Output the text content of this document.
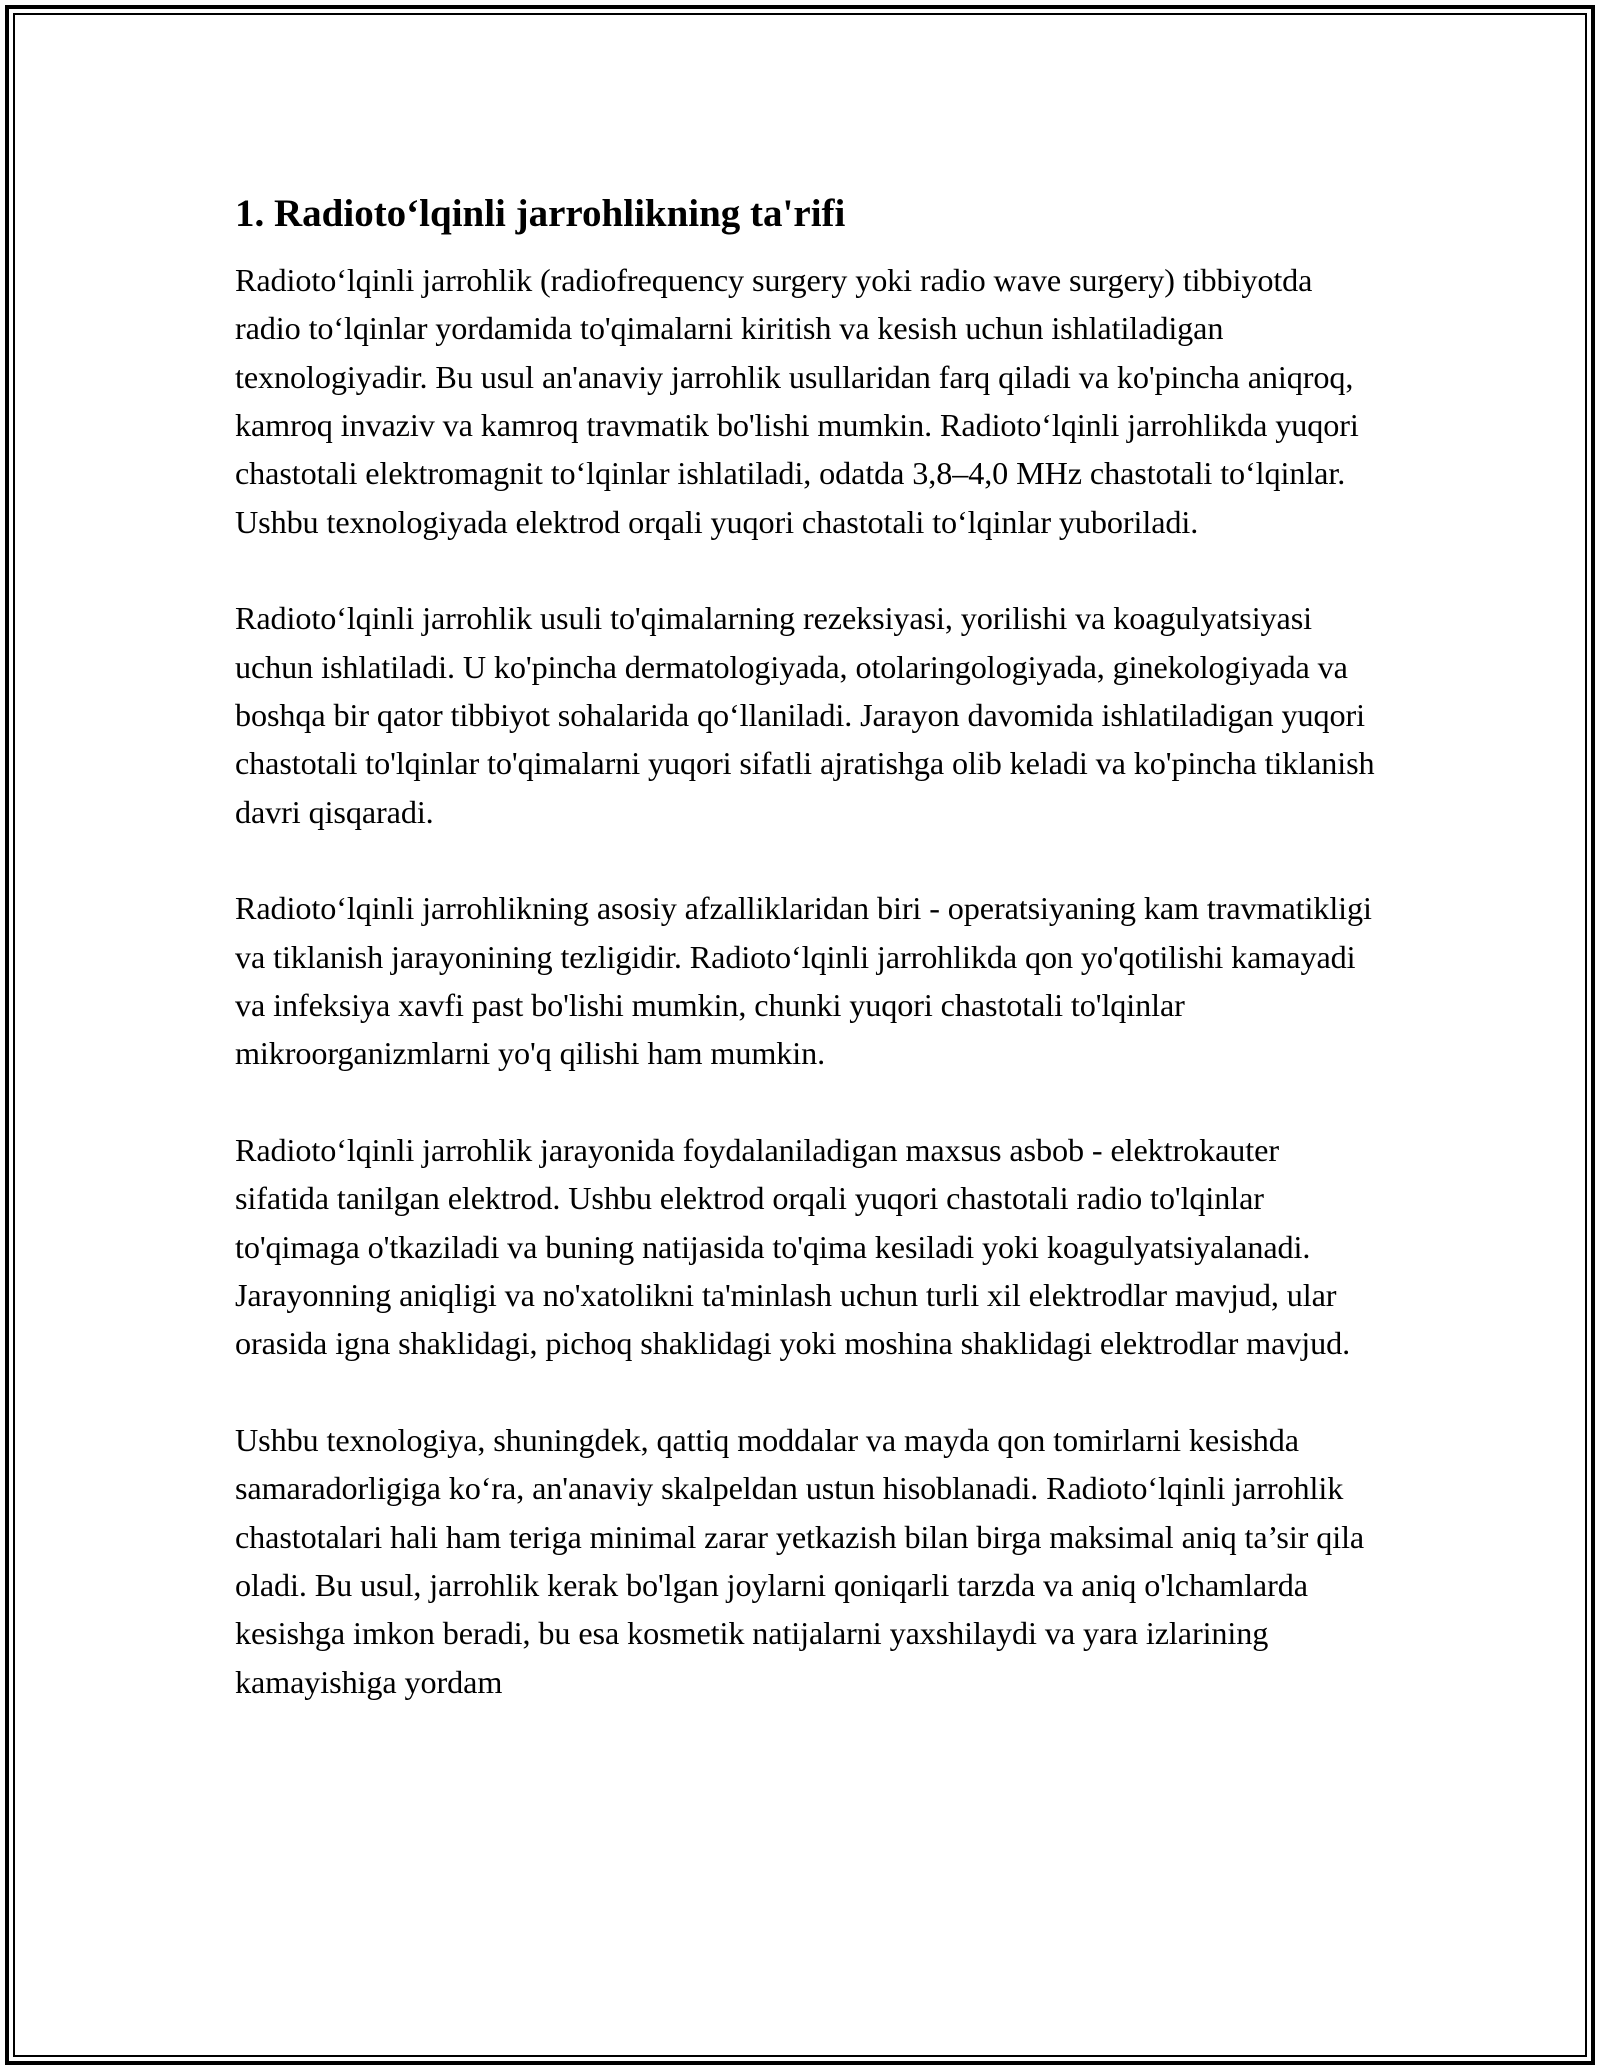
1. Radioto‘lqinli jarrohlikning ta'rifi

Radioto‘lqinli jarrohlik (radiofrequency surgery yoki radio wave surgery) tibbiyotda radio to‘lqinlar yordamida to'qimalarni kiritish va kesish uchun ishlatiladigan texnologiyadir. Bu usul an'anaviy jarrohlik usullaridan farq qiladi va ko'pincha aniqroq, kamroq invaziv va kamroq travmatik bo'lishi mumkin. Radioto‘lqinli jarrohlikda yuqori chastotali elektromagnit to‘lqinlar ishlatiladi, odatda 3,8–4,0 MHz chastotali to‘lqinlar. Ushbu texnologiyada elektrod orqali yuqori chastotali to‘lqinlar yuboriladi.

Radioto‘lqinli jarrohlik usuli to'qimalarning rezeksiyasi, yorilishi va koagulyatsiyasi uchun ishlatiladi. U ko'pincha dermatologiyada, otolaringologiyada, ginekologiyada va boshqa bir qator tibbiyot sohalarida qo‘llaniladi. Jarayon davomida ishlatiladigan yuqori chastotali to'lqinlar to'qimalarni yuqori sifatli ajratishga olib keladi va ko'pincha tiklanish davri qisqaradi.

Radioto‘lqinli jarrohlikning asosiy afzalliklaridan biri - operatsiyaning kam travmatikligi va tiklanish jarayonining tezligidir. Radioto‘lqinli jarrohlikda qon yo'qotilishi kamayadi va infeksiya xavfi past bo'lishi mumkin, chunki yuqori chastotali to'lqinlar mikroorganizmlarni yo'q qilishi ham mumkin.

Radioto‘lqinli jarrohlik jarayonida foydalaniladigan maxsus asbob - elektrokauter sifatida tanilgan elektrod. Ushbu elektrod orqali yuqori chastotali radio to'lqinlar to'qimaga o'tkaziladi va buning natijasida to'qima kesiladi yoki koagulyatsiyalanadi. Jarayonning aniqligi va no'xatolikni ta'minlash uchun turli xil elektrodlar mavjud, ular orasida igna shaklidagi, pichoq shaklidagi yoki moshina shaklidagi elektrodlar mavjud.

Ushbu texnologiya, shuningdek, qattiq moddalar va mayda qon tomirlarni kesishda samaradorligiga ko‘ra, an'anaviy skalpeldan ustun hisoblanadi. Radioto‘lqinli jarrohlik chastotalari hali ham teriga minimal zarar yetkazish bilan birga maksimal aniq ta’sir qila oladi. Bu usul, jarrohlik kerak bo'lgan joylarni qoniqarli tarzda va aniq o'lchamlarda kesishga imkon beradi, bu esa kosmetik natijalarni yaxshilaydi va yara izlarining kamayishiga yordam
